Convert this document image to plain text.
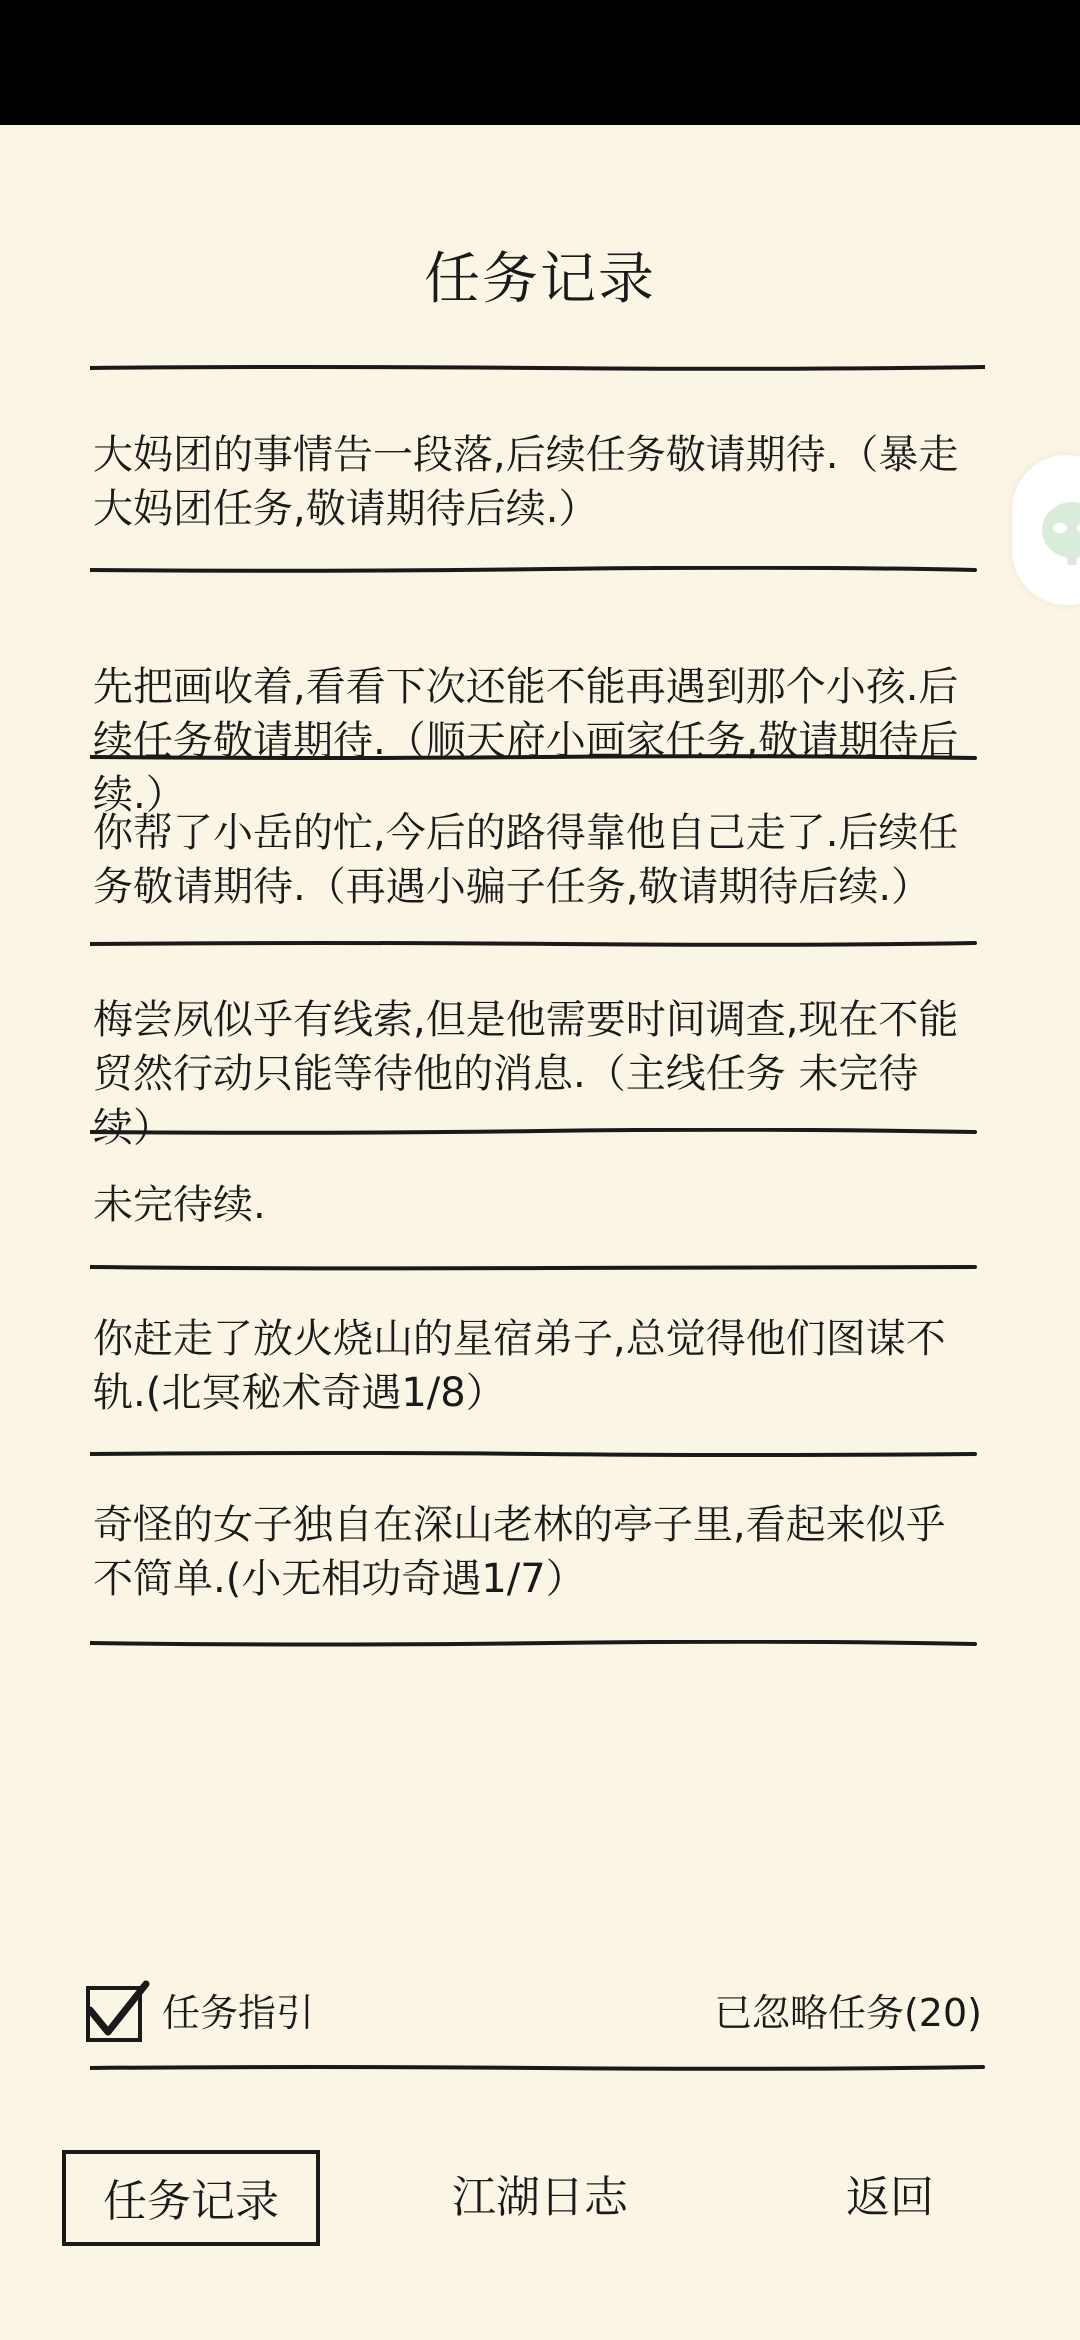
任务记录
大妈团的事情告一段落,后续任务敬请期待.（暴走大妈团任务,敬请期待后续.）
先把画收着,看看下次还能不能再遇到那个小孩.后续任务敬请期待.（顺天府小画家任务,敬请期待后续.）
你帮了小岳的忙,今后的路得靠他自己走了.后续任务敬请期待.（再遇小骗子任务,敬请期待后续.）
梅尝夙似乎有线索,但是他需要时间调查,现在不能贸然行动只能等待他的消息.（主线任务 未完待续）
未完待续.
你赶走了放火烧山的星宿弟子,总觉得他们图谋不轨.(北冥秘术奇遇1/8）
奇怪的女子独自在深山老林的亭子里,看起来似乎不简单.(小无相功奇遇1/7）
任务指引	已忽略任务(20)
任务记录	江湖日志	返回
